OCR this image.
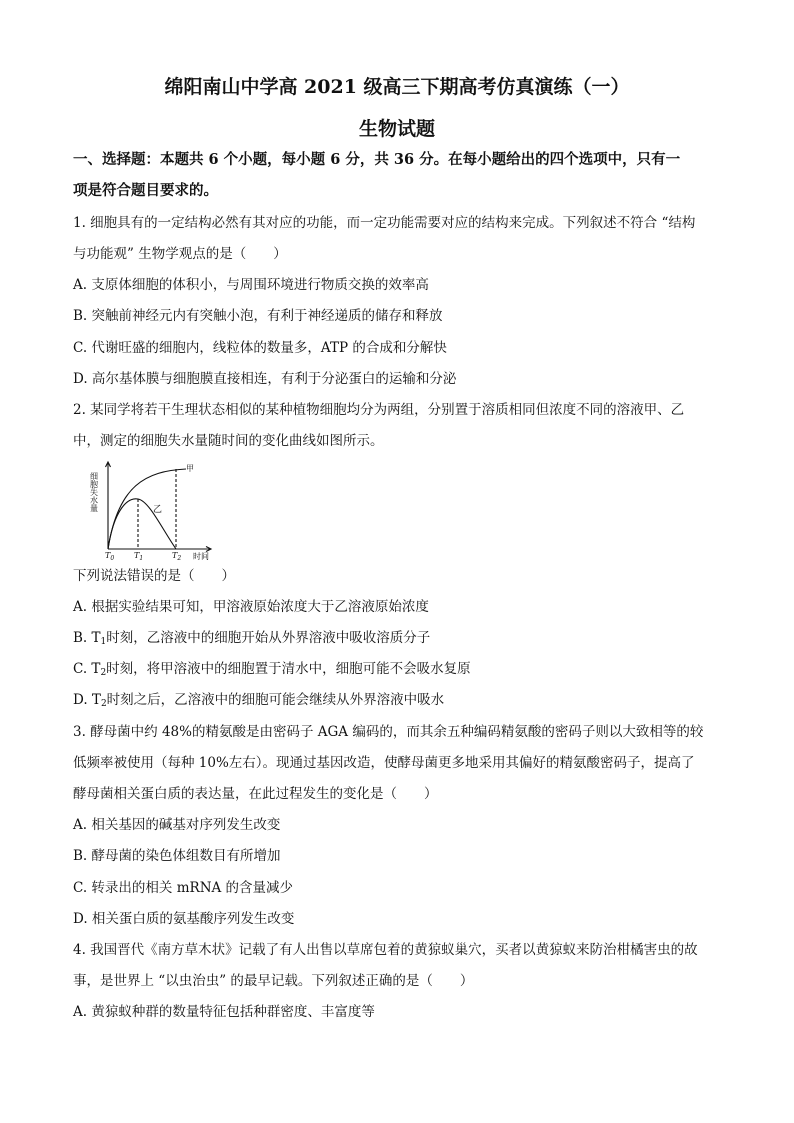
绵阳南山中学高 2021 级高三下期高考仿真演练（一）
生物试题
一、选择题：本题共 6 个小题，每小题 6 分，共 36 分。在每小题给出的四个选项中，只有一
项是符合题目要求的。
1. 细胞具有的一定结构必然有其对应的功能，而一定功能需要对应的结构来完成。下列叙述不符合 “结构
与功能观” 生物学观点的是（　　）
A. 支原体细胞的体积小，与周围环境进行物质交换的效率高
B. 突触前神经元内有突触小泡，有利于神经递质的储存和释放
C. 代谢旺盛的细胞内，线粒体的数量多，ATP 的合成和分解快
D. 高尔基体膜与细胞膜直接相连，有利于分泌蛋白的运输和分泌
2. 某同学将若干生理状态相似的某种植物细胞均分为两组，分别置于溶质相同但浓度不同的溶液甲、乙
中，测定的细胞失水量随时间的变化曲线如图所示。
甲
乙
细胞失水量
时间
$T_0$ $T_1$	$T_2$
下列说法错误的是（　　）
A. 根据实验结果可知，甲溶液原始浓度大于乙溶液原始浓度
B. $T_1$时刻，乙溶液中的细胞开始从外界溶液中吸收溶质分子
C. $T_2$时刻，将甲溶液中的细胞置于清水中，细胞可能不会吸水复原
D. $T_2$时刻之后，乙溶液中的细胞可能会继续从外界溶液中吸水
3. 酵母菌中约 48%的精氨酸是由密码子 AGA 编码的，而其余五种编码精氨酸的密码子则以大致相等的较
低频率被使用（每种 10%左右）。现通过基因改造，使酵母菌更多地采用其偏好的精氨酸密码子，提高了
酵母菌相关蛋白质的表达量，在此过程发生的变化是（　　）
A. 相关基因的碱基对序列发生改变
B. 酵母菌的染色体组数目有所增加
C. 转录出的相关 mRNA 的含量减少
D. 相关蛋白质的氨基酸序列发生改变
4. 我国晋代《南方草木状》记载了有人出售以草席包着的黄猄蚁巢穴，买者以黄猄蚁来防治柑橘害虫的故
事，是世界上 “以虫治虫” 的最早记载。下列叙述正确的是（　　）
A. 黄猄蚁种群的数量特征包括种群密度、丰富度等
